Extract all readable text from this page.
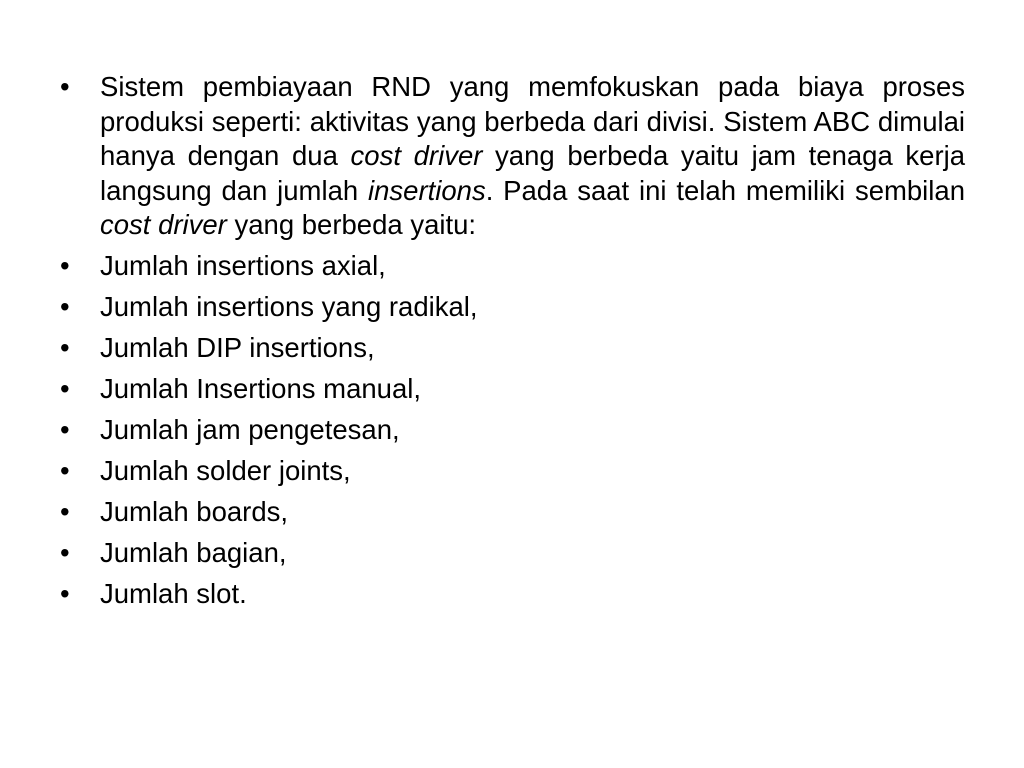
•	Sistem pembiayaan RND yang memfokuskan pada biaya proses produksi seperti: aktivitas yang berbeda dari divisi. Sistem ABC dimulai hanya dengan dua cost driver yang berbeda yaitu jam tenaga kerja langsung dan jumlah insertions. Pada saat ini telah memiliki sembilan cost driver yang berbeda yaitu:
•	Jumlah insertions axial,
•	Jumlah insertions yang radikal,
•	Jumlah DIP insertions,
•	Jumlah Insertions manual,
•	Jumlah jam pengetesan,
•	Jumlah solder joints,
•	Jumlah boards,
•	Jumlah bagian,
•	Jumlah slot.
